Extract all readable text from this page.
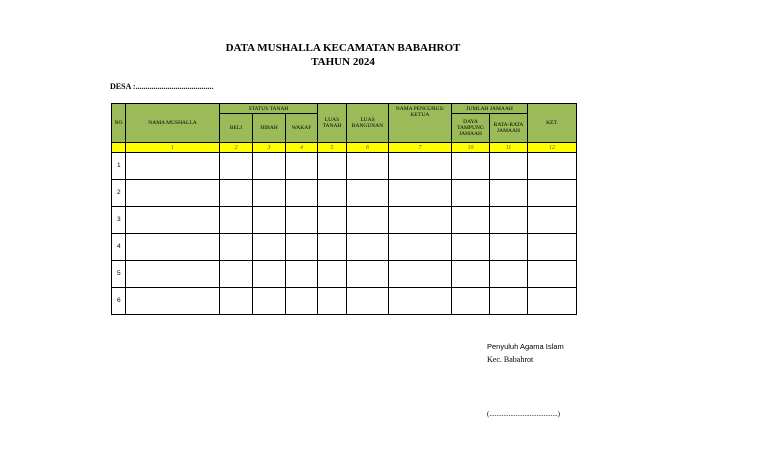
DATA MUSHALLA KECAMATAN BABAHROT
TAHUN 2024
DESA :.......................................
NO	NAMA MUSHALLA	STATUS TANAH			LUAS TANAH	LUAS BANGUNAN	NAMA PENGURUS/ KETUA	JUMLAH JAMAAH		KET.
		BELI	HIBAH	WAKAF				DAYA TAMPUNG JAMAAH	RATA-RATA JAMAAH	
	1	2	3	4	5	6	7	10	11	12
1										
2										
3										
4										
5										
6										
Penyuluh Agama Islam
Kec. Babahrot
(.......................................)
